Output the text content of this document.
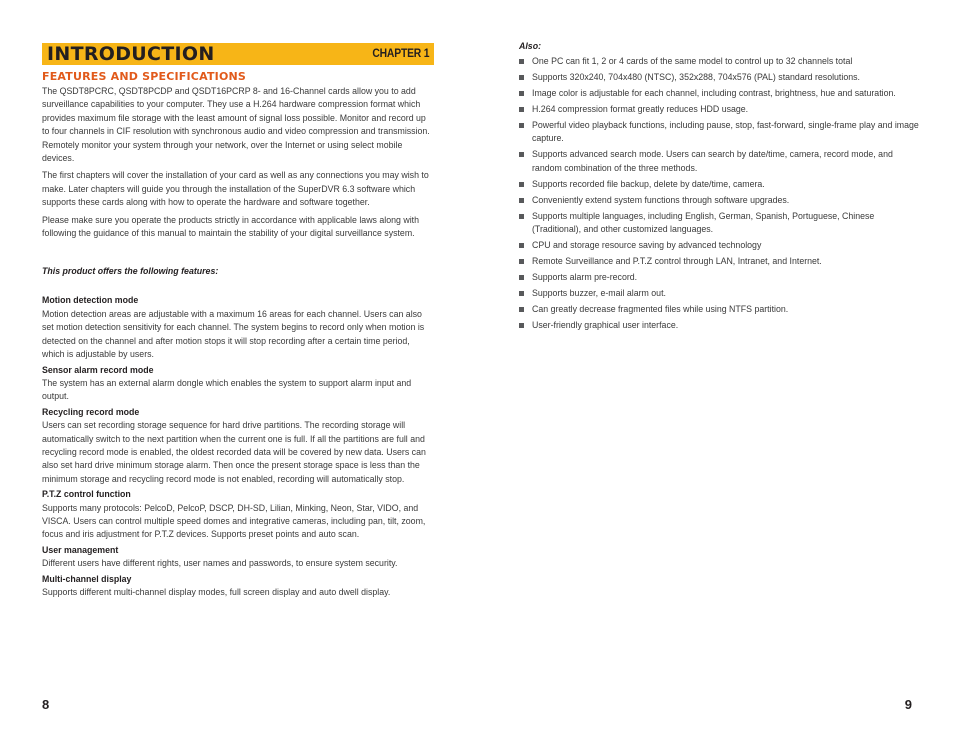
INTRODUCTION	CHAPTER 1
FEATURES AND SPECIFICATIONS

The QSDT8PCRC, QSDT8PCDP and QSDT16PCRP 8- and 16-Channel cards allow you to add surveillance capabilities to your computer. They use a H.264 hardware compression format which provides maximum file storage with the least amount of signal loss possible. Monitor and record up to four channels in CIF resolution with synchronous audio and video compression and transmission. Remotely monitor your system through your network, over the Internet or using select mobile devices.

The first chapters will cover the installation of your card as well as any connections you may wish to make. Later chapters will guide you through the installation of the SuperDVR 6.3 software which supports these cards along with how to operate the hardware and software together.

Please make sure you operate the products strictly in accordance with applicable laws along with following the guidance of this manual to maintain the stability of your digital surveillance system.

This product offers the following features:

Motion detection mode

Motion detection areas are adjustable with a maximum 16 areas for each channel. Users can also set motion detection sensitivity for each channel. The system begins to record only when motion is detected on the channel and after motion stops it will stop recording after a certain time period, which is adjustable by users.

Sensor alarm record mode

The system has an external alarm dongle which enables the system to support alarm input and output.

Recycling record mode

Users can set recording storage sequence for hard drive partitions. The recording storage will automatically switch to the next partition when the current one is full. If all the partitions are full and recycling record mode is enabled, the oldest recorded data will be covered by new data. Users can also set hard drive minimum storage alarm. Then once the present storage space is less than the minimum storage and recycling record mode is not enabled, recording will automatically stop.

P.T.Z control function

Supports many protocols: PelcoD, PelcoP, DSCP, DH-SD, Lilian, Minking, Neon, Star, VIDO, and VISCA. Users can control multiple speed domes and integrative cameras, including pan, tilt, zoom, focus and iris adjustment for P.T.Z devices. Supports preset points and auto scan.

User management

Different users have different rights, user names and passwords, to ensure system security.

Multi-channel display

Supports different multi-channel display modes, full screen display and auto dwell display.

8

Also:

One PC can fit 1, 2 or 4 cards of the same model to control up to 32 channels total
Supports 320x240, 704x480 (NTSC), 352x288, 704x576 (PAL) standard resolutions.
Image color is adjustable for each channel, including contrast, brightness, hue and saturation.
H.264 compression format greatly reduces HDD usage.
Powerful video playback functions, including pause, stop, fast-forward, single-frame play and image capture.
Supports advanced search mode. Users can search by date/time, camera, record mode, and random combination of the three methods.
Supports recorded file backup, delete by date/time, camera.
Conveniently extend system functions through software upgrades.
Supports multiple languages, including English, German, Spanish, Portuguese, Chinese (Traditional), and other customized languages.
CPU and storage resource saving by advanced technology
Remote Surveillance and P.T.Z control through LAN, Intranet, and Internet.
Supports alarm pre-record.
Supports buzzer, e-mail alarm out.
Can greatly decrease fragmented files while using NTFS partition.
User-friendly graphical user interface.
9
